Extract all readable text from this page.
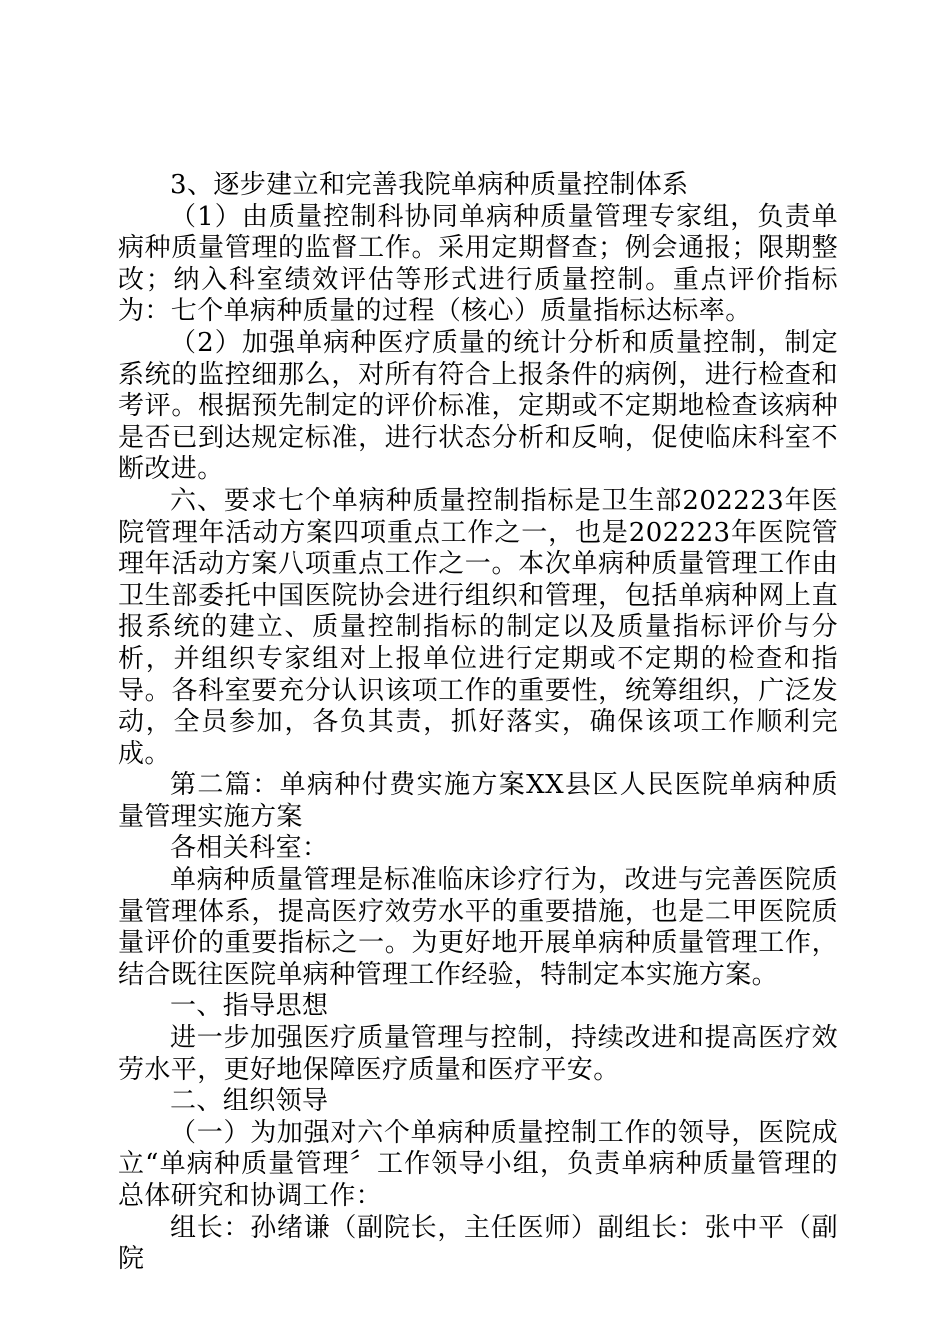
3、逐步建立和完善我院单病种质量控制体系

（1）由质量控制科协同单病种质量管理专家组，负责单病种质量管理的监督工作。采用定期督查；例会通报；限期整改；纳入科室绩效评估等形式进行质量控制。重点评价指标为：七个单病种质量的过程（核心）质量指标达标率。

（2）加强单病种医疗质量的统计分析和质量控制，制定系统的监控细那么，对所有符合上报条件的病例，进行检查和考评。根据预先制定的评价标准，定期或不定期地检查该病种是否已到达规定标准，进行状态分析和反响，促使临床科室不断改进。

六、要求七个单病种质量控制指标是卫生部202223年医院管理年活动方案四项重点工作之一，也是202223年医院管理年活动方案八项重点工作之一。本次单病种质量管理工作由卫生部委托中国医院协会进行组织和管理，包括单病种网上直报系统的建立、质量控制指标的制定以及质量指标评价与分析，并组织专家组对上报单位进行定期或不定期的检查和指导。各科室要充分认识该项工作的重要性，统筹组织，广泛发动，全员参加，各负其责，抓好落实，确保该项工作顺利完成。

第二篇：单病种付费实施方案XX县区人民医院单病种质量管理实施方案

各相关科室：

单病种质量管理是标准临床诊疗行为，改进与完善医院质量管理体系，提高医疗效劳水平的重要措施，也是二甲医院质量评价的重要指标之一。为更好地开展单病种质量管理工作，结合既往医院单病种管理工作经验，特制定本实施方案。

一、指导思想

进一步加强医疗质量管理与控制，持续改进和提高医疗效劳水平，更好地保障医疗质量和医疗平安。

二、组织领导

（一）为加强对六个单病种质量控制工作的领导，医院成立“单病种质量管理〞工作领导小组，负责单病种质量管理的总体研究和协调工作：

组长：孙绪谦（副院长，主任医师）副组长：张中平（副院
